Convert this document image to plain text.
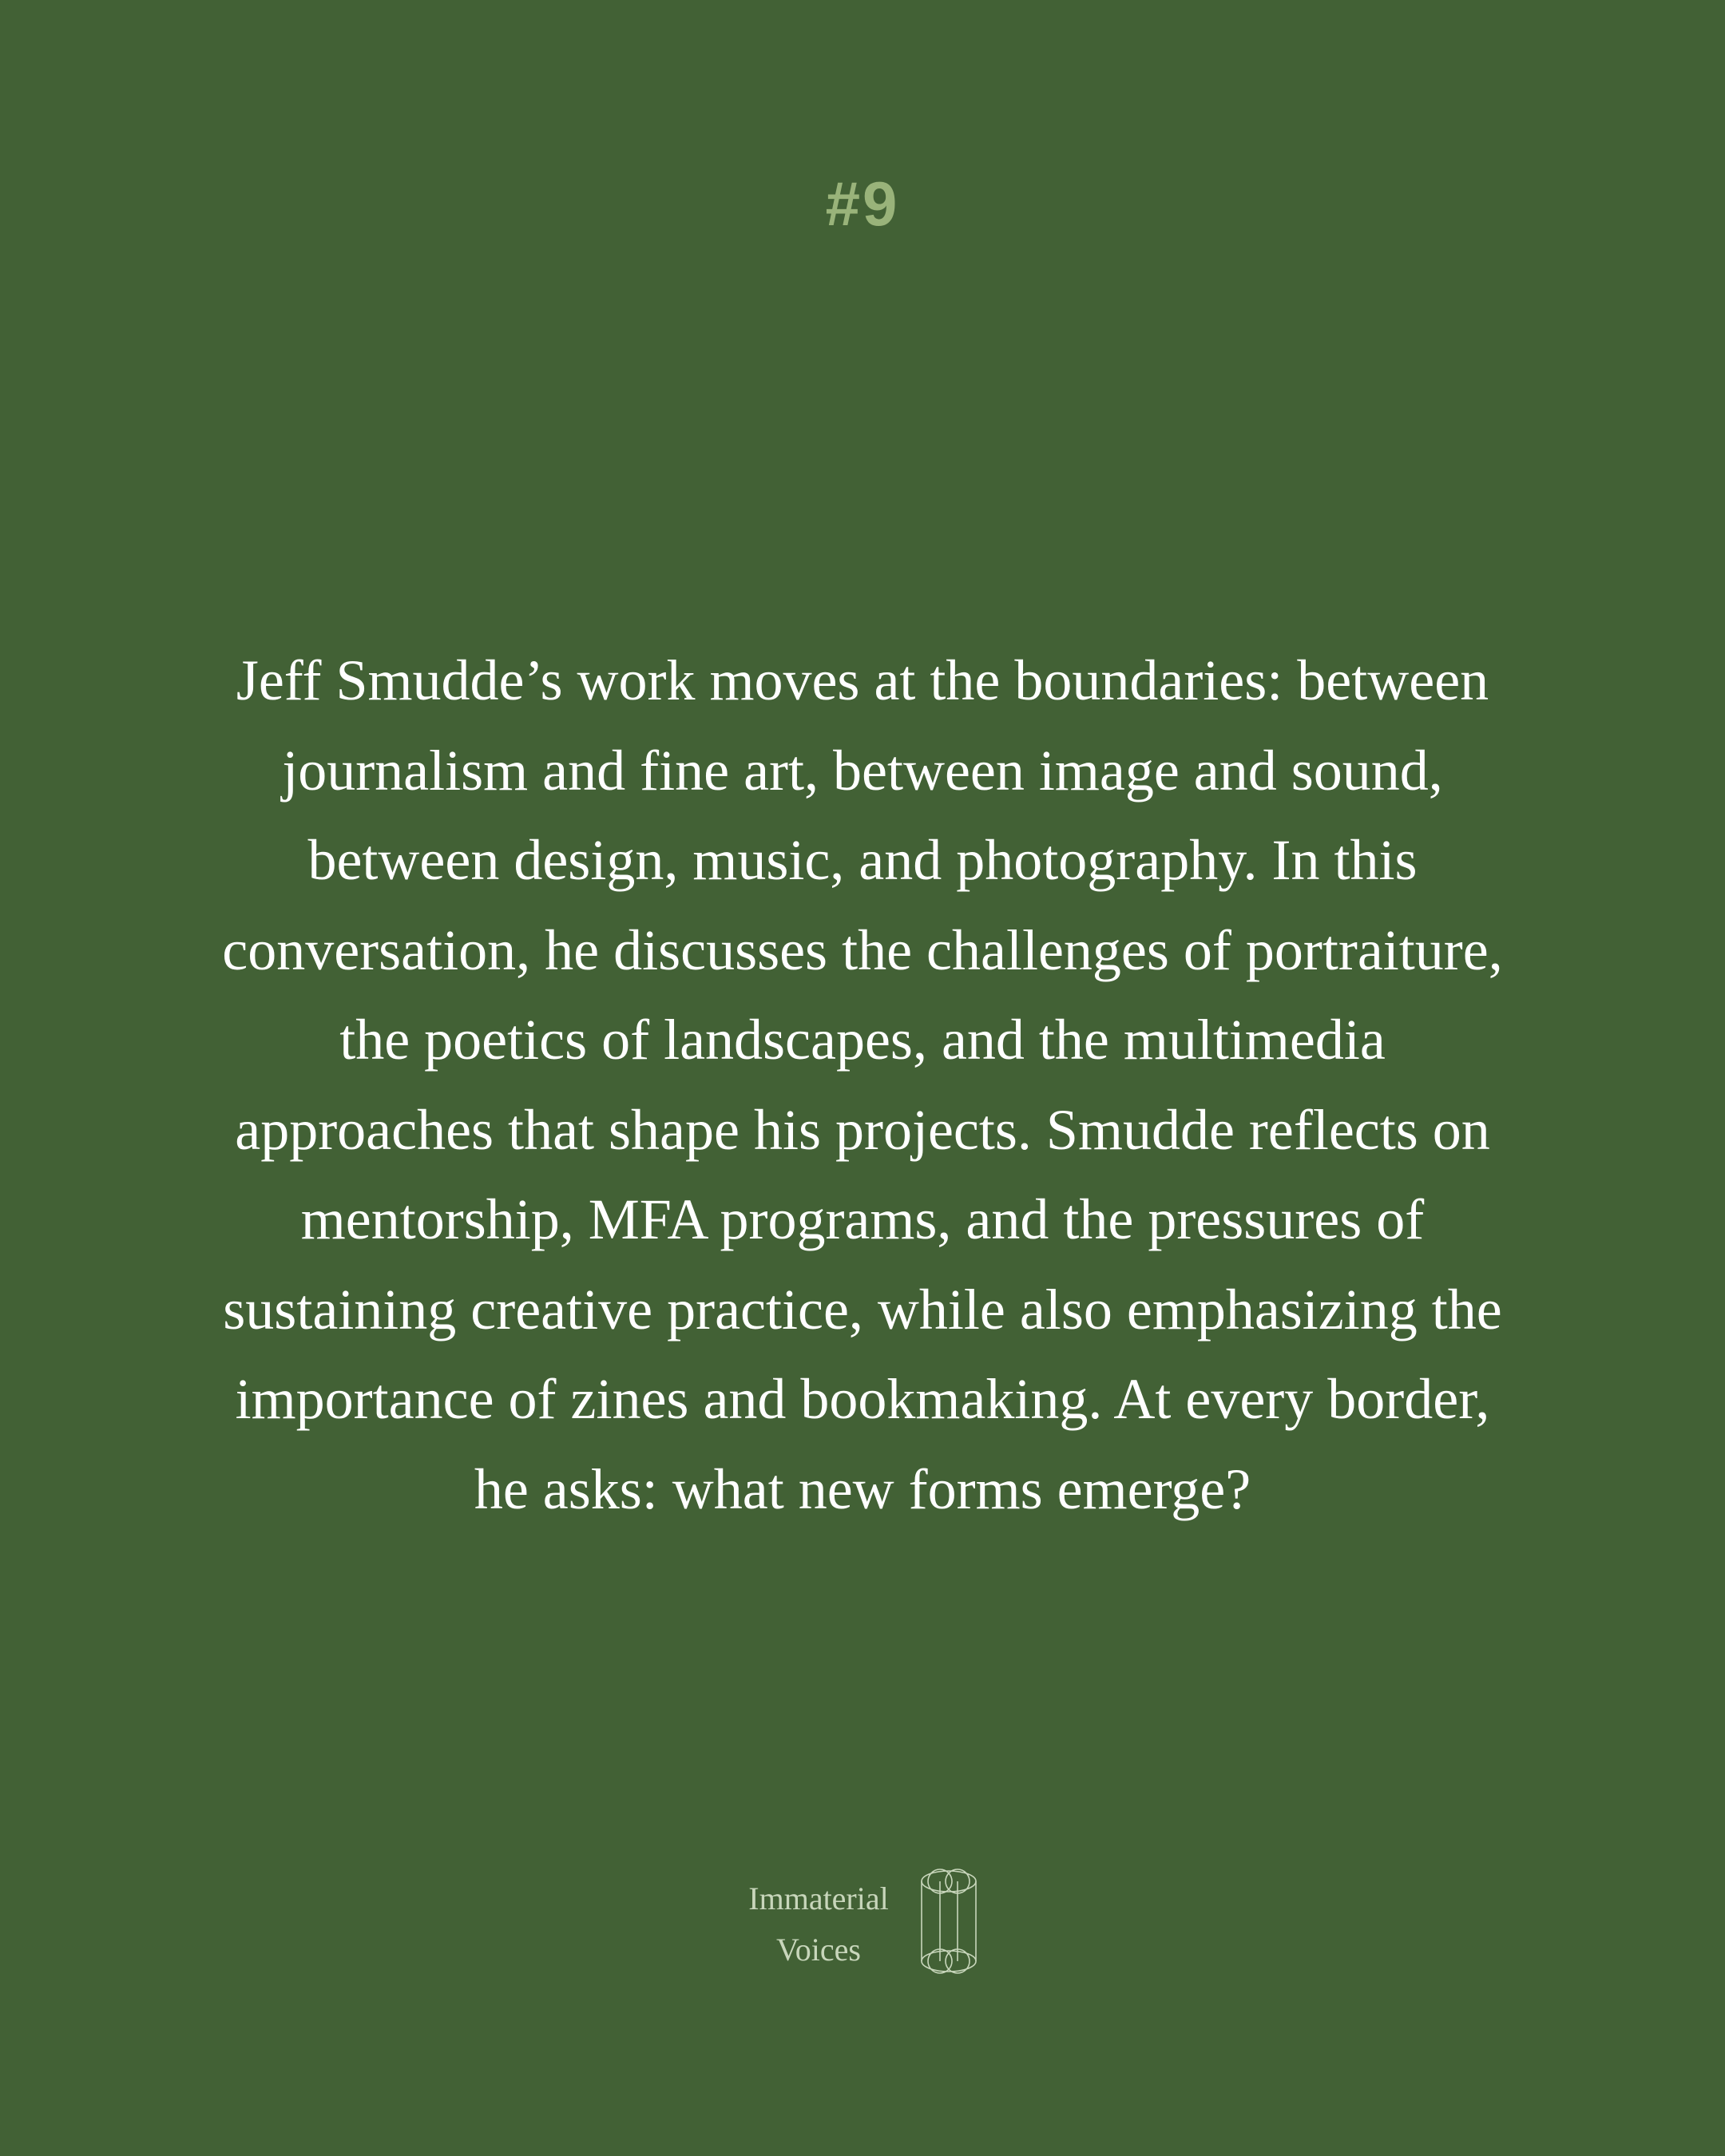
#9

Jeff Smudde’s work moves at the boundaries: between
journalism and fine art, between image and sound,
between design, music, and photography. In this
conversation, he discusses the challenges of portraiture,
the poetics of landscapes, and the multimedia
approaches that shape his projects. Smudde reflects on
mentorship, MFA programs, and the pressures of
sustaining creative practice, while also emphasizing the
importance of zines and bookmaking. At every border,
he asks: what new forms emerge?

Immaterial
Voices
